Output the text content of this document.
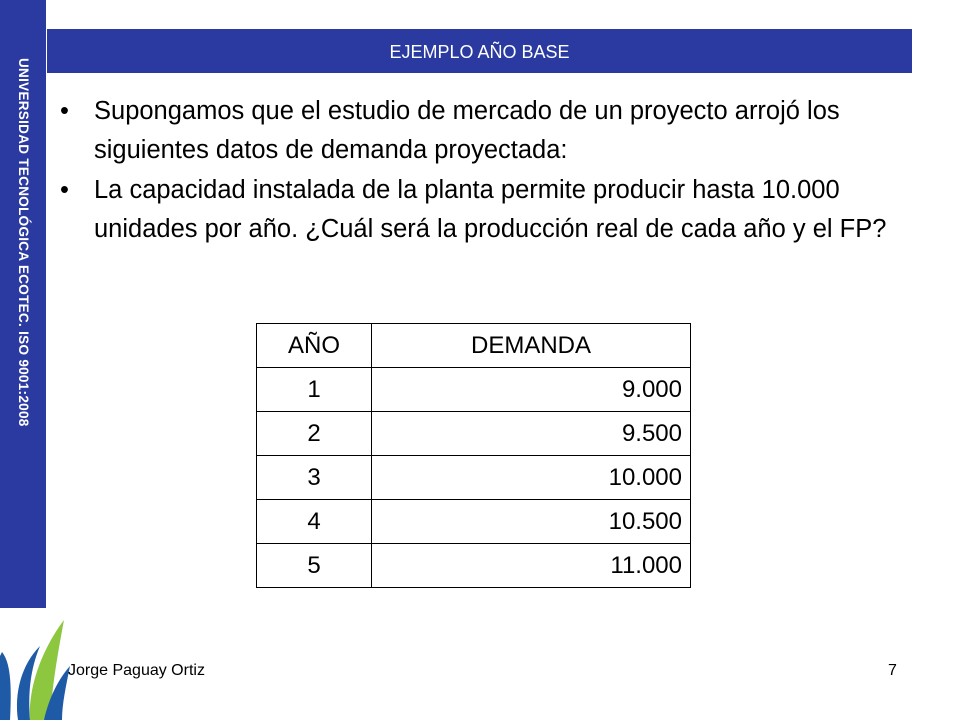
UNIVERSIDAD TECNOLÓGICA ECOTEC. ISO 9001:2008
EJEMPLO AÑO BASE
• Supongamos que el estudio de mercado de un proyecto arrojó los siguientes datos de demanda proyectada:
• La capacidad instalada de la planta permite producir hasta 10.000 unidades por año. ¿Cuál será la producción real de cada año y el FP?
AÑO	DEMANDA
1	9.000
2	9.500
3	10.000
4	10.500
5	11.000
Jorge Paguay Ortiz	7
